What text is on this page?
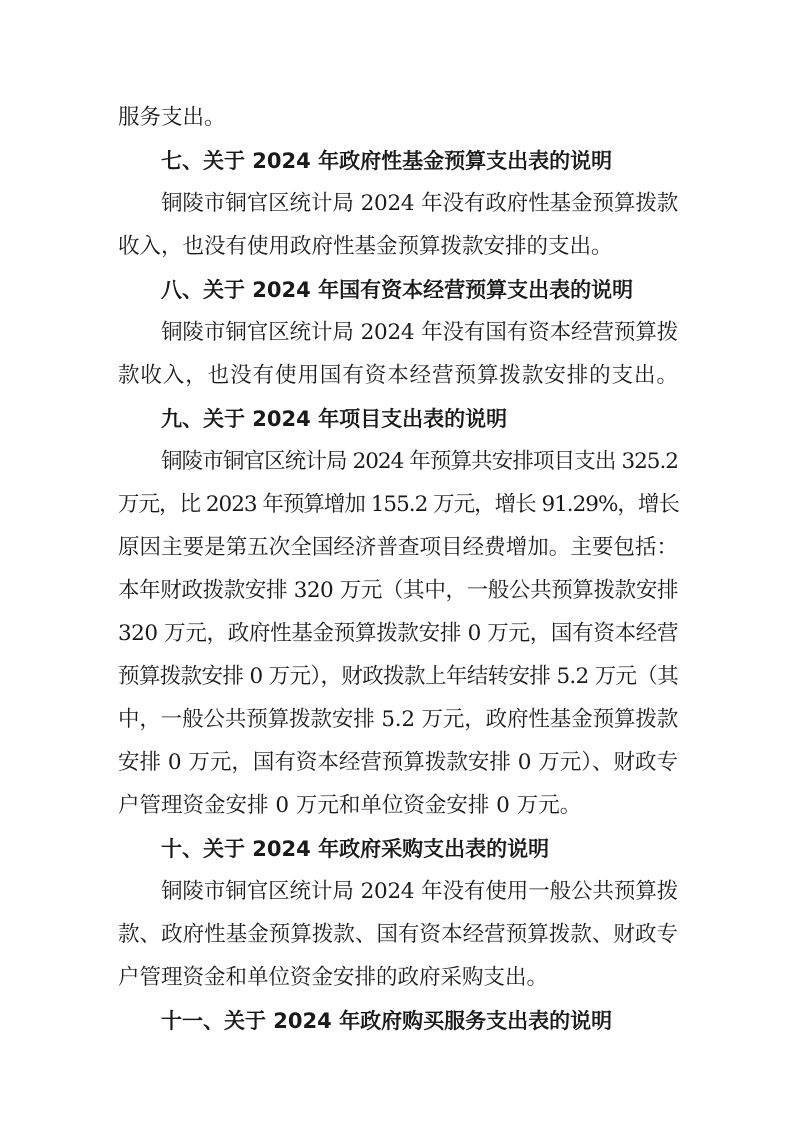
服务支出。
七、关于 2024 年政府性基金预算支出表的说明
铜陵市铜官区统计局 2024 年没有政府性基金预算拨款
收入，也没有使用政府性基金预算拨款安排的支出。
八、关于 2024 年国有资本经营预算支出表的说明
铜陵市铜官区统计局 2024 年没有国有资本经营预算拨
款收入，也没有使用国有资本经营预算拨款安排的支出。
九、关于 2024 年项目支出表的说明
铜陵市铜官区统计局 2024 年预算共安排项目支出 325.2
万元，比 2023 年预算增加 155.2 万元，增长 91.29%，增长
原因主要是第五次全国经济普查项目经费增加。主要包括：
本年财政拨款安排 320 万元（其中，一般公共预算拨款安排
320 万元，政府性基金预算拨款安排 0 万元，国有资本经营
预算拨款安排 0 万元），财政拨款上年结转安排 5.2 万元（其
中，一般公共预算拨款安排 5.2 万元，政府性基金预算拨款
安排 0 万元，国有资本经营预算拨款安排 0 万元）、财政专
户管理资金安排 0 万元和单位资金安排 0 万元。
十、关于 2024 年政府采购支出表的说明
铜陵市铜官区统计局 2024 年没有使用一般公共预算拨
款、政府性基金预算拨款、国有资本经营预算拨款、财政专
户管理资金和单位资金安排的政府采购支出。
十一、关于 2024 年政府购买服务支出表的说明
